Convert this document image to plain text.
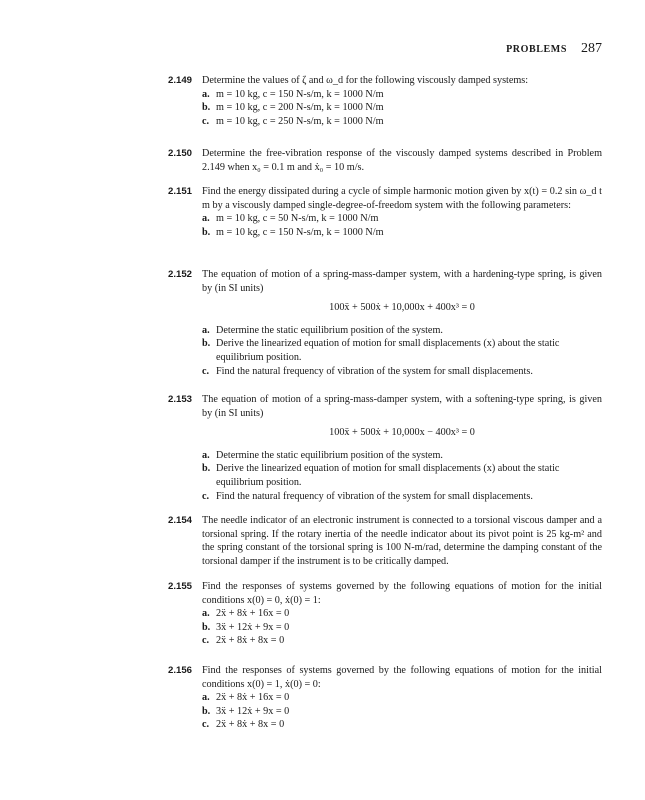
PROBLEMS 287
2.149 Determine the values of ζ and ω_d for the following viscously damped systems:
a. m = 10 kg, c = 150 N-s/m, k = 1000 N/m
b. m = 10 kg, c = 200 N-s/m, k = 1000 N/m
c. m = 10 kg, c = 250 N-s/m, k = 1000 N/m
2.150 Determine the free-vibration response of the viscously damped systems described in Problem 2.149 when x₀ = 0.1 m and ẋ₀ = 10 m/s.
2.151 Find the energy dissipated during a cycle of simple harmonic motion given by x(t) = 0.2 sin ω_d t m by a viscously damped single-degree-of-freedom system with the following parameters:
a. m = 10 kg, c = 50 N-s/m, k = 1000 N/m
b. m = 10 kg, c = 150 N-s/m, k = 1000 N/m
2.152 The equation of motion of a spring-mass-damper system, with a hardening-type spring, is given by (in SI units)
100ẍ + 500ẋ + 10,000x + 400x³ = 0
a. Determine the static equilibrium position of the system.
b. Derive the linearized equation of motion for small displacements (x) about the static equilibrium position.
c. Find the natural frequency of vibration of the system for small displacements.
2.153 The equation of motion of a spring-mass-damper system, with a softening-type spring, is given by (in SI units)
100ẍ + 500ẋ + 10,000x − 400x³ = 0
a. Determine the static equilibrium position of the system.
b. Derive the linearized equation of motion for small displacements (x) about the static equilibrium position.
c. Find the natural frequency of vibration of the system for small displacements.
2.154 The needle indicator of an electronic instrument is connected to a torsional viscous damper and a torsional spring. If the rotary inertia of the needle indicator about its pivot point is 25 kg-m² and the spring constant of the torsional spring is 100 N-m/rad, determine the damping constant of the torsional damper if the instrument is to be critically damped.
2.155 Find the responses of systems governed by the following equations of motion for the initial conditions x(0) = 0, ẋ(0) = 1:
a. 2ẍ + 8ẋ + 16x = 0
b. 3ẍ + 12ẋ + 9x = 0
c. 2ẍ + 8ẋ + 8x = 0
2.156 Find the responses of systems governed by the following equations of motion for the initial conditions x(0) = 1, ẋ(0) = 0:
a. 2ẍ + 8ẋ + 16x = 0
b. 3ẍ + 12ẋ + 9x = 0
c. 2ẍ + 8ẋ + 8x = 0
